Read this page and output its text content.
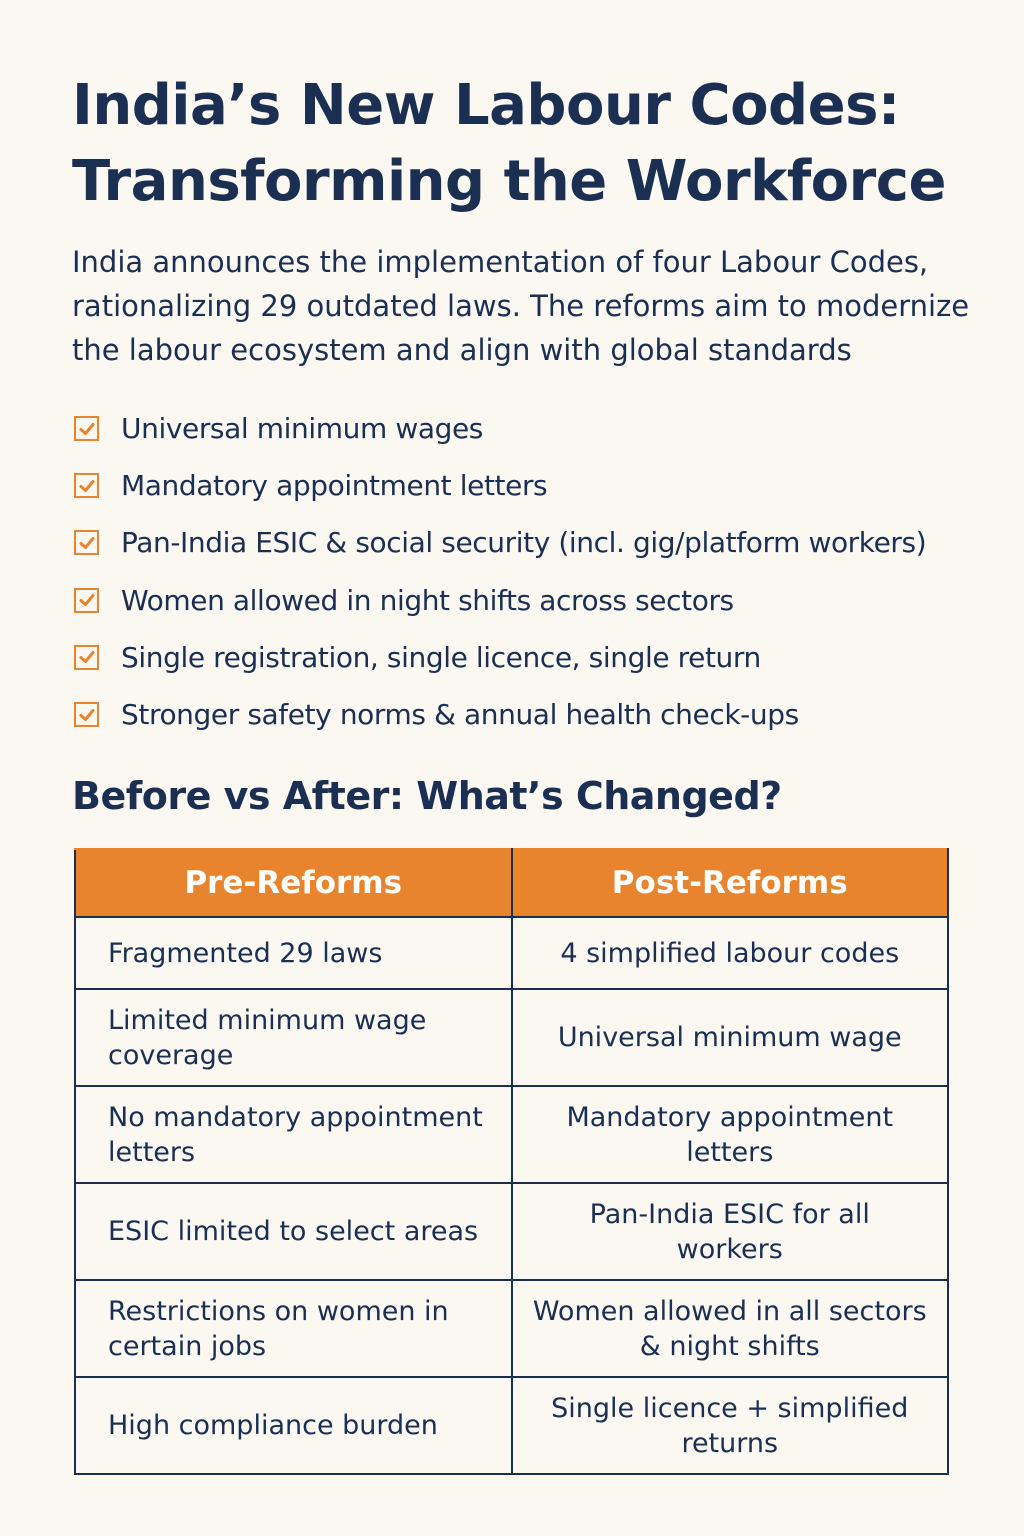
India’s New Labour Codes:
Transforming the Workforce

India announces the implementation of four Labour Codes, rationalizing 29 outdated laws. The reforms aim to modernize the labour ecosystem and align with global standards

Universal minimum wages
Mandatory appointment letters
Pan-India ESIC & social security (incl. gig/platform workers)
Women allowed in night shifts across sectors
Single registration, single licence, single return
Stronger safety norms & annual health check-ups
Before vs After: What’s Changed?
Pre-Reforms	Post-Reforms
Fragmented 29 laws	4 simplified labour codes
Limited minimum wage coverage	Universal minimum wage
No mandatory appointment letters	Mandatory appointment letters
ESIC limited to select areas	Pan-India ESIC for all workers
Restrictions on women in certain jobs	Women allowed in all sectors & night shifts
High compliance burden	Single licence + simplified returns
